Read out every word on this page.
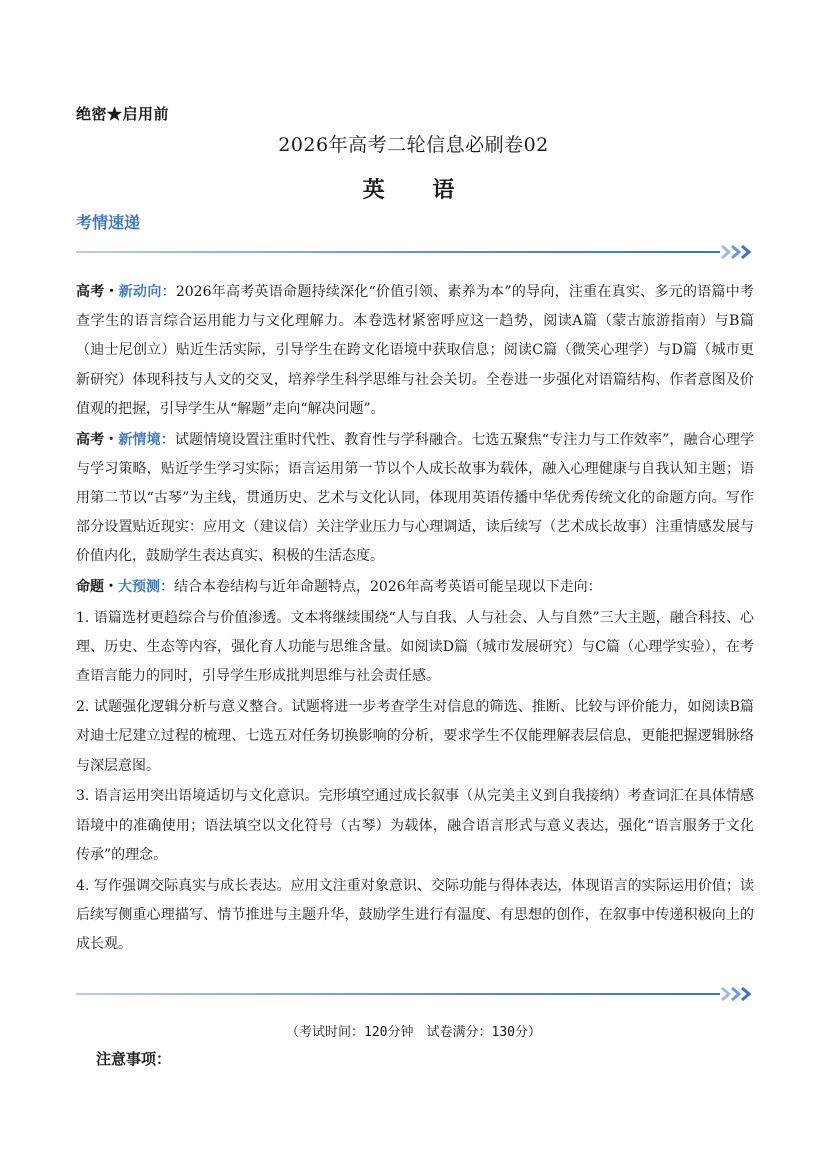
绝密★启用前
2026年高考二轮信息必刷卷02
英 语
考情速递

高考・新动向：2026年高考英语命题持续深化“价值引领、素养为本”的导向，注重在真实、多元的语篇中考查学生的语言综合运用能力与文化理解力。本卷选材紧密呼应这一趋势，阅读A篇（蒙古旅游指南）与B篇（迪士尼创立）贴近生活实际，引导学生在跨文化语境中获取信息；阅读C篇（微笑心理学）与D篇（城市更新研究）体现科技与人文的交叉，培养学生科学思维与社会关切。全卷进一步强化对语篇结构、作者意图及价值观的把握，引导学生从“解题”走向“解决问题”。

高考・新情境：试题情境设置注重时代性、教育性与学科融合。七选五聚焦“专注力与工作效率”，融合心理学与学习策略，贴近学生学习实际；语言运用第一节以个人成长故事为载体，融入心理健康与自我认知主题；语用第二节以“古琴”为主线，贯通历史、艺术与文化认同，体现用英语传播中华优秀传统文化的命题方向。写作部分设置贴近现实：应用文（建议信）关注学业压力与心理调适，读后续写（艺术成长故事）注重情感发展与价值内化，鼓励学生表达真实、积极的生活态度。

命题・大预测：结合本卷结构与近年命题特点，2026年高考英语可能呈现以下走向：

1. 语篇选材更趋综合与价值渗透。文本将继续围绕“人与自我、人与社会、人与自然”三大主题，融合科技、心理、历史、生态等内容，强化育人功能与思维含量。如阅读D篇（城市发展研究）与C篇（心理学实验），在考查语言能力的同时，引导学生形成批判思维与社会责任感。

2. 试题强化逻辑分析与意义整合。试题将进一步考查学生对信息的筛选、推断、比较与评价能力，如阅读B篇对迪士尼建立过程的梳理、七选五对任务切换影响的分析，要求学生不仅能理解表层信息，更能把握逻辑脉络与深层意图。

3. 语言运用突出语境适切与文化意识。完形填空通过成长叙事（从完美主义到自我接纳）考查词汇在具体情感语境中的准确使用；语法填空以文化符号（古琴）为载体，融合语言形式与意义表达，强化“语言服务于文化传承”的理念。

4. 写作强调交际真实与成长表达。应用文注重对象意识、交际功能与得体表达，体现语言的实际运用价值；读后续写侧重心理描写、情节推进与主题升华，鼓励学生进行有温度、有思想的创作，在叙事中传递积极向上的成长观。

（考试时间：120分钟　试卷满分：130分）
注意事项：
